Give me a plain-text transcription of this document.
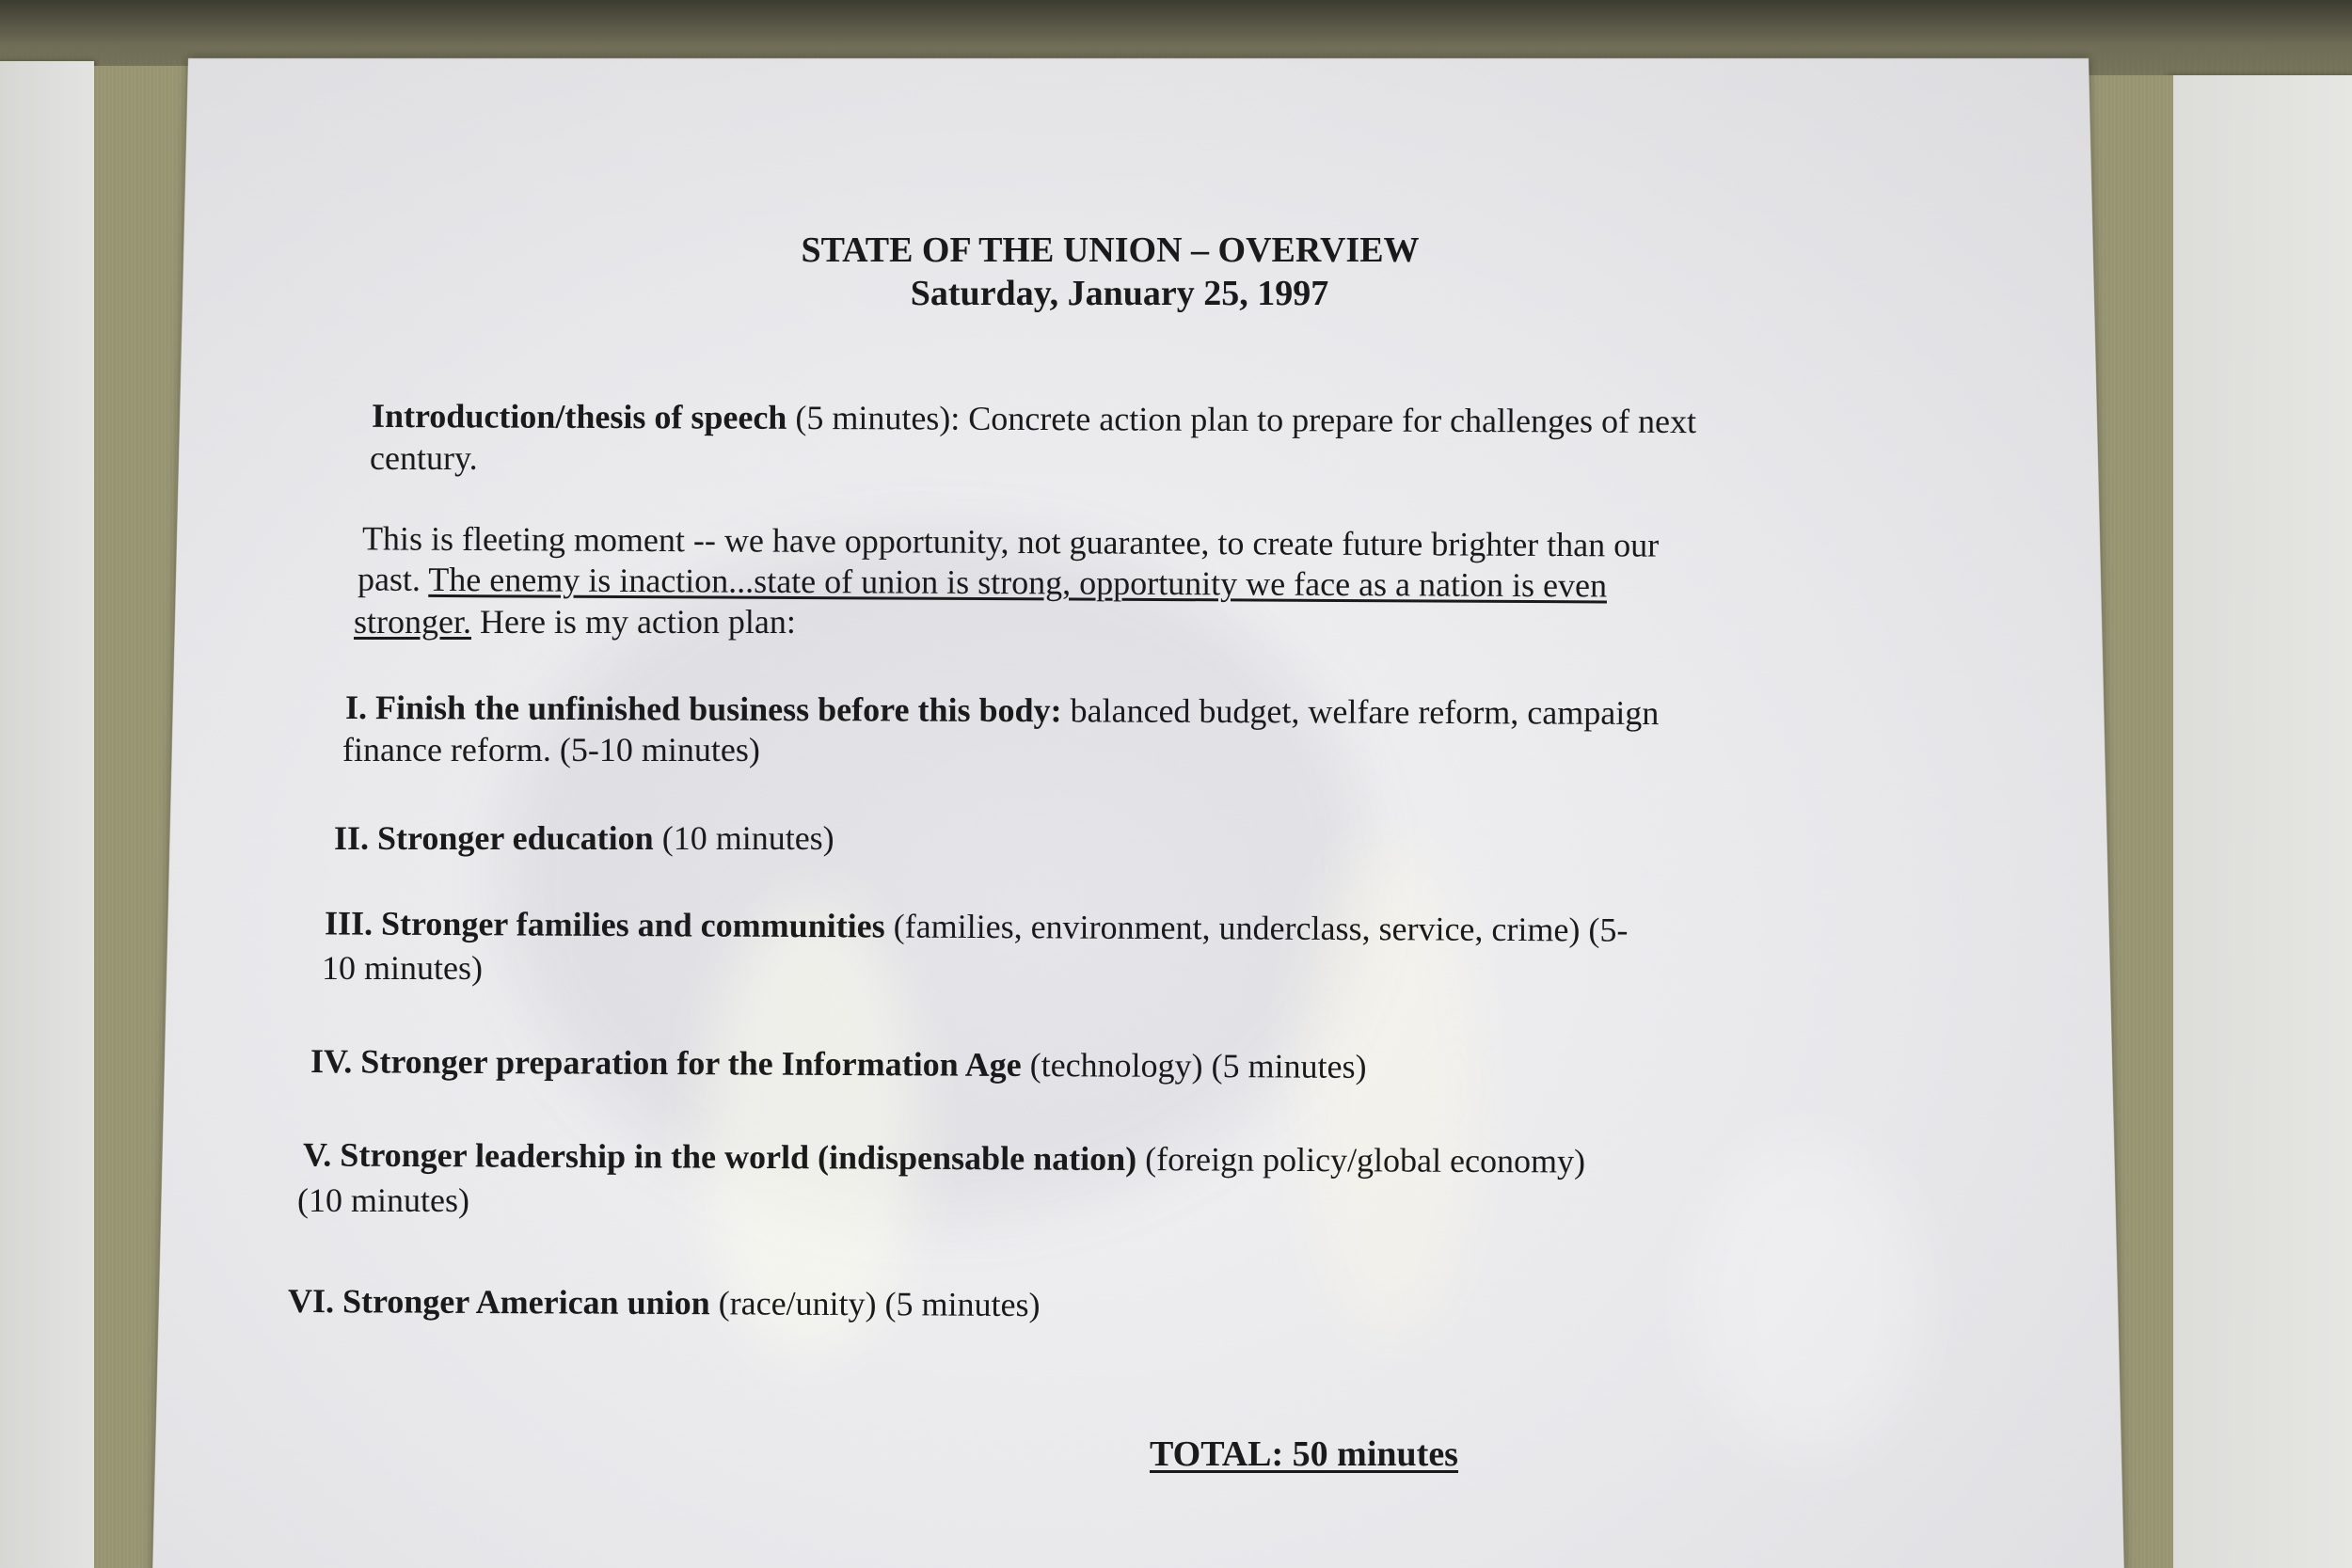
STATE OF THE UNION – OVERVIEW
Saturday, January 25, 1997
Introduction/thesis of speech (5 minutes): Concrete action plan to prepare for challenges of next
century.
This is fleeting moment -- we have opportunity, not guarantee, to create future brighter than our
past. The enemy is inaction...state of union is strong, opportunity we face as a nation is even
stronger. Here is my action plan:
I. Finish the unfinished business before this body: balanced budget, welfare reform, campaign
finance reform. (5-10 minutes)
II. Stronger education (10 minutes)
III. Stronger families and communities (families, environment, underclass, service, crime) (5-
10 minutes)
IV. Stronger preparation for the Information Age (technology) (5 minutes)
V. Stronger leadership in the world (indispensable nation) (foreign policy/global economy)
(10 minutes)
VI. Stronger American union (race/unity) (5 minutes)
TOTAL: 50 minutes
